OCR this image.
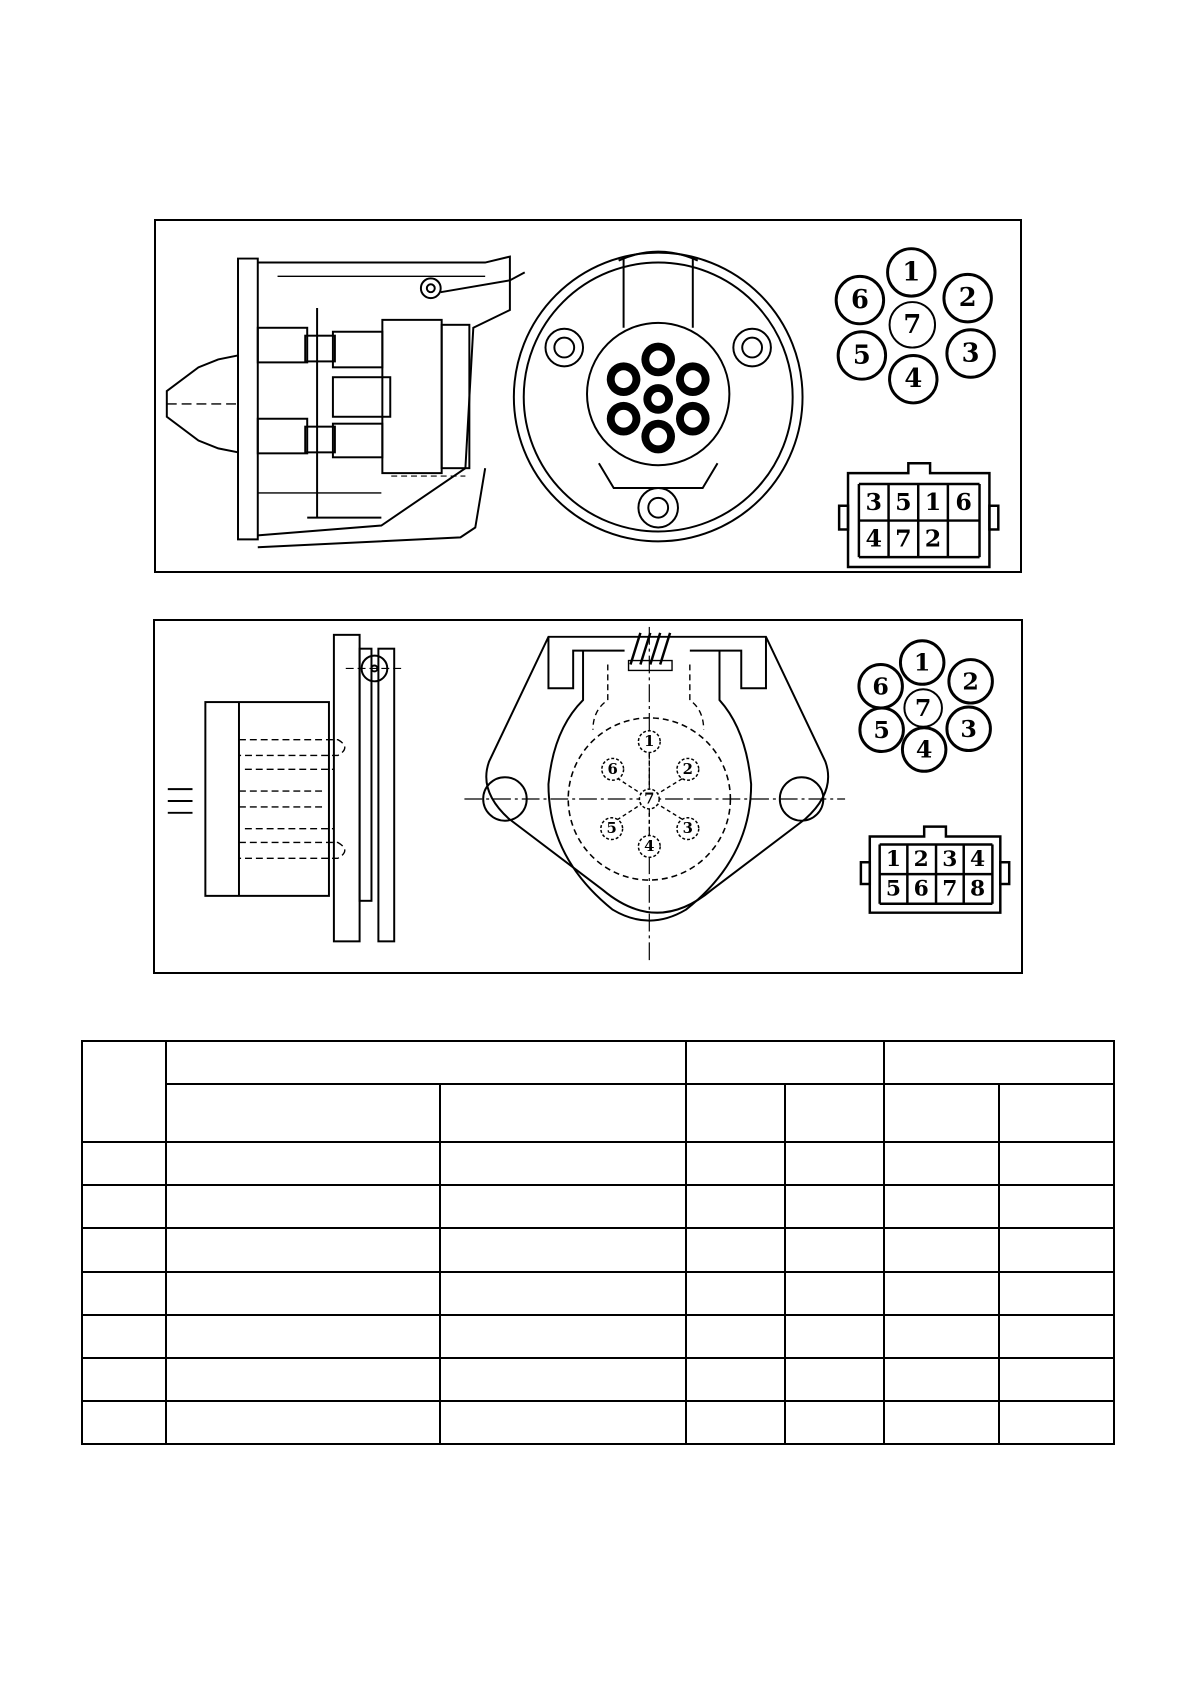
1
2
3
4
5
6
7
3 5 1 6
4 7 2
1
2
3
4
5
6
7
1
2
3
4
5
6
7
1 2 3 4
5 6 7 8
